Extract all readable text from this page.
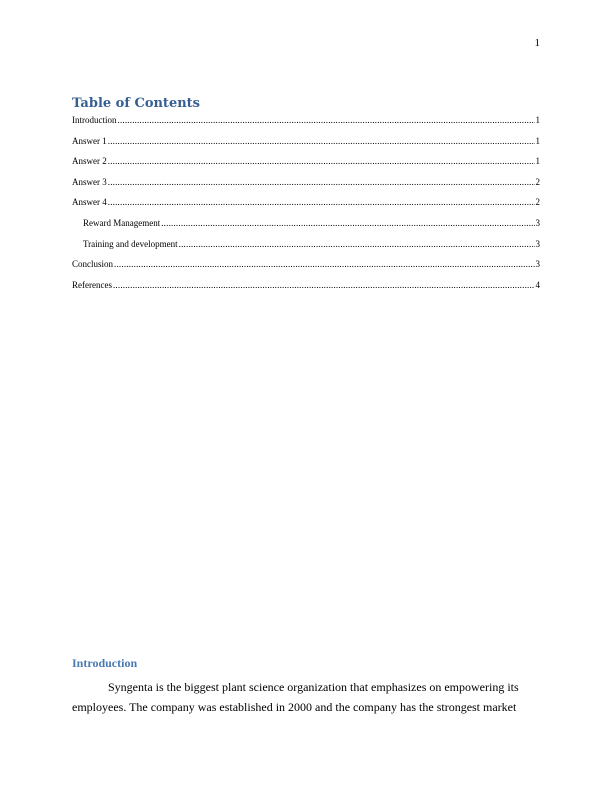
1
Table of Contents
Introduction .....	1
Answer 1 .....	1
Answer 2 .....	1
Answer 3 .....	2
Answer 4 .....	2
Reward Management .....	3
Training and development .....	3
Conclusion .....	3
References .....	4
Introduction

Syngenta is the biggest plant science organization that emphasizes on empowering its
employees. The company was established in 2000 and the company has the strongest market
